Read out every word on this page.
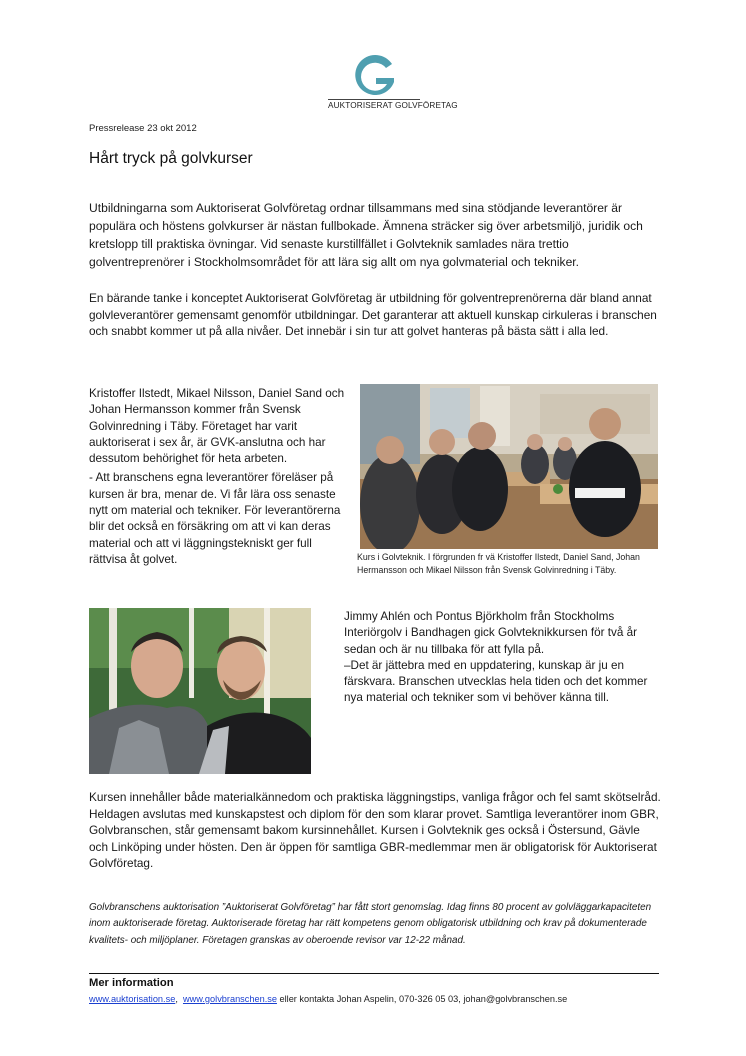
AUKTORISERAT GOLVFÖRETAG
Pressrelease 23 okt 2012
Hårt tryck på golvkurser

Utbildningarna som Auktoriserat Golvföretag ordnar tillsammans med sina stödjande leverantörer är populära och höstens golvkurser är nästan fullbokade. Ämnena sträcker sig över arbetsmiljö, juridik och kretslopp till praktiska övningar. Vid senaste kurstillfället i Golvteknik samlades nära trettio golventreprenörer i Stockholmsområdet för att lära sig allt om nya golvmaterial och tekniker.

En bärande tanke i konceptet Auktoriserat Golvföretag är utbildning för golventreprenörerna där bland annat golvleverantörer gemensamt genomför utbildningar. Det garanterar att aktuell kunskap cirkuleras i branschen och snabbt kommer ut på alla nivåer. Det innebär i sin tur att golvet hanteras på bästa sätt i alla led.

Kristoffer Ilstedt, Mikael Nilsson, Daniel Sand och Johan Hermansson kommer från Svensk Golvinredning i Täby. Företaget har varit auktoriserat i sex år, är GVK-anslutna och har dessutom behörighet för heta arbeten.

- Att branschens egna leverantörer föreläser på kursen är bra, menar de. Vi får lära oss senaste nytt om material och tekniker. För leverantörerna blir det också en försäkring om att vi kan deras material och att vi läggningstekniskt ger full rättvisa åt golvet.	Kurs i Golvteknik. I förgrunden fr vä Kristoffer Ilstedt, Daniel Sand, Johan Hermansson och Mikael Nilsson från Svensk Golvinredning i Täby.

Jimmy Ahlén och Pontus Björkholm från Stockholms Interiörgolv i Bandhagen gick Golvteknikkursen för två år sedan och är nu tillbaka för att fylla på.

–Det är jättebra med en uppdatering, kunskap är ju en färskvara. Branschen utvecklas hela tiden och det kommer nya material och tekniker som vi behöver känna till.

Kursen innehåller både materialkännedom och praktiska läggningstips, vanliga frågor och fel samt skötselråd. Heldagen avslutas med kunskapstest och diplom för den som klarar provet. Samtliga leverantörer inom GBR, Golvbranschen, står gemensamt bakom kursinnehållet. Kursen i Golvteknik ges också i Östersund, Gävle och Linköping under hösten. Den är öppen för samtliga GBR-medlemmar men är obligatorisk för Auktoriserat Golvföretag.

Golvbranschens auktorisation ”Auktoriserat Golvföretag” har fått stort genomslag. Idag finns 80 procent av golvläggarkapaciteten inom auktoriserade företag. Auktoriserade företag har rätt kompetens genom obligatorisk utbildning och krav på dokumenterade kvalitets- och miljöplaner. Företagen granskas av oberoende revisor var 12-22 månad.

Mer information
www.auktorisation.se, www.golvbranschen.se eller kontakta Johan Aspelin, 070-326 05 03, johan@golvbranschen.se
